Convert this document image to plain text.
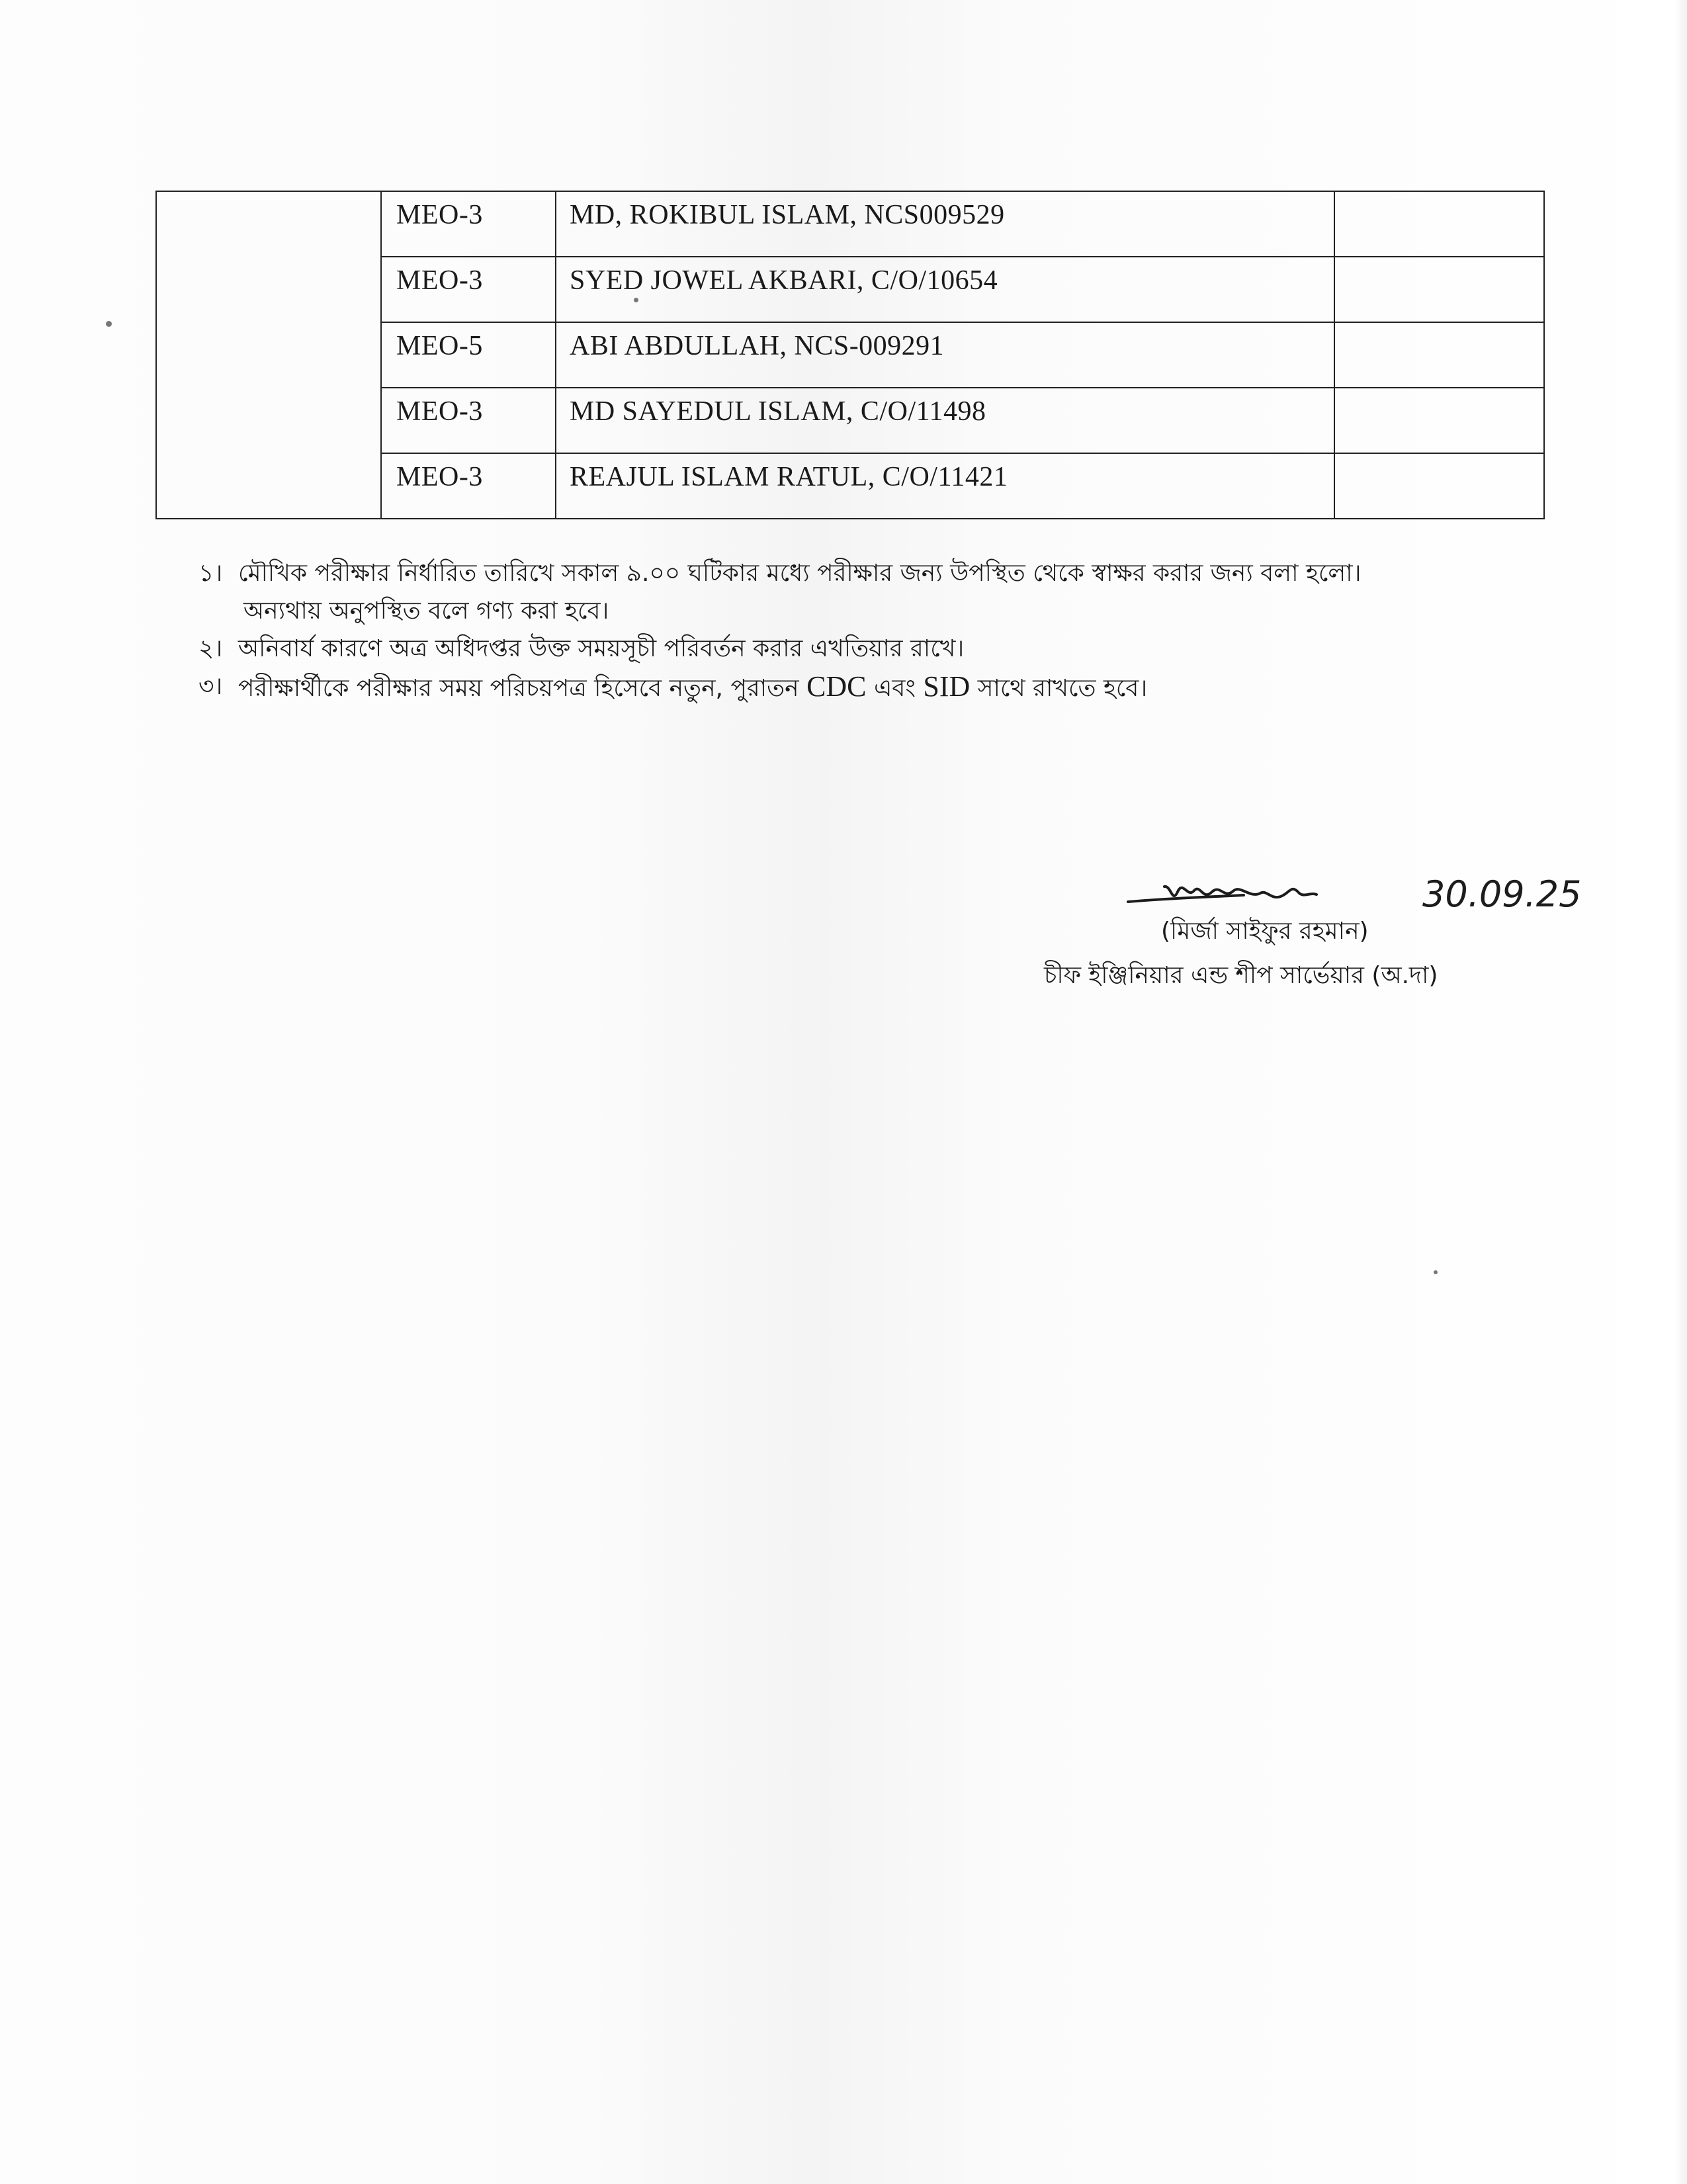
	MEO-3	MD, ROKIBUL ISLAM, NCS009529	

	MEO-3	SYED JOWEL AKBARI, C/O/10654	

	MEO-5	ABI ABDULLAH, NCS-009291	

	MEO-3	MD SAYEDUL ISLAM, C/O/11498	

	MEO-3	REAJUL ISLAM RATUL, C/O/11421	

১। মৌখিক পরীক্ষার নির্ধারিত তারিখে সকাল ৯.০০ ঘটিকার মধ্যে পরীক্ষার জন্য উপস্থিত থেকে স্বাক্ষর করার জন্য বলা হলো।
অন্যথায় অনুপস্থিত বলে গণ্য করা হবে।
২। অনিবার্য কারণে অত্র অধিদপ্তর উক্ত সময়সূচী পরিবর্তন করার এখতিয়ার রাখে।
৩। পরীক্ষার্থীকে পরীক্ষার সময় পরিচয়পত্র হিসেবে নতুন, পুরাতন CDC এবং SID সাথে রাখতে হবে।
30.09.25
(মির্জা সাইফুর রহমান)
চীফ ইঞ্জিনিয়ার এন্ড শীপ সার্ভেয়ার (অ.দা)
